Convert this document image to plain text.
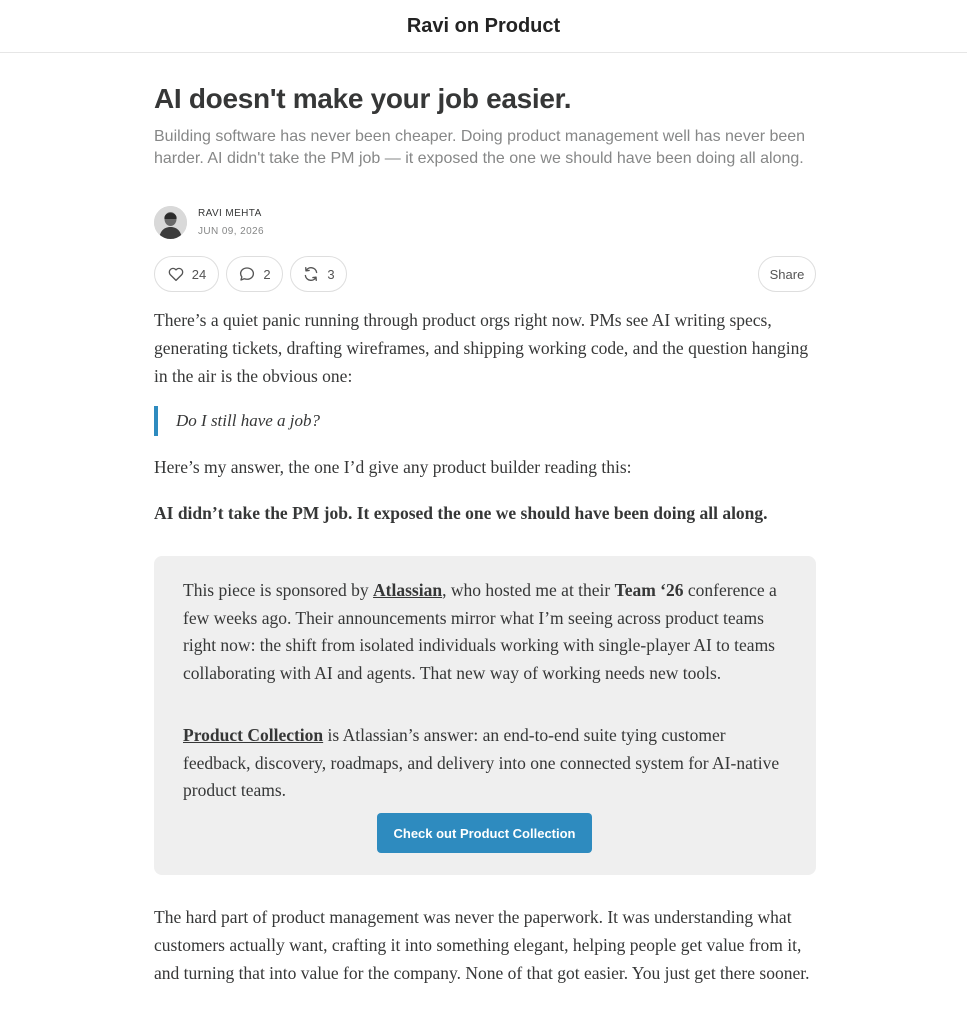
Ravi on Product
AI doesn't make your job easier.
Building software has never been cheaper. Doing product management well has never been harder. AI didn't take the PM job — it exposed the one we should have been doing all along.
RAVI MEHTA
JUN 09, 2026
24	2	3	Share

There’s a quiet panic running through product orgs right now. PMs see AI writing specs, generating tickets, drafting wireframes, and shipping working code, and the question hanging in the air is the obvious one:

Do I still have a job?

Here’s my answer, the one I’d give any product builder reading this:

AI didn’t take the PM job. It exposed the one we should have been doing all along.

This piece is sponsored by Atlassian, who hosted me at their Team ‘26 conference a few weeks ago. Their announcements mirror what I’m seeing across product teams right now: the shift from isolated individuals working with single-player AI to teams collaborating with AI and agents. That new way of working needs new tools.

Product Collection is Atlassian’s answer: an end-to-end suite tying customer feedback, discovery, roadmaps, and delivery into one connected system for AI-native product teams.

Check out Product Collection

The hard part of product management was never the paperwork. It was understanding what customers actually want, crafting it into something elegant, helping people get value from it, and turning that into value for the company. None of that got easier. You just get there sooner.
